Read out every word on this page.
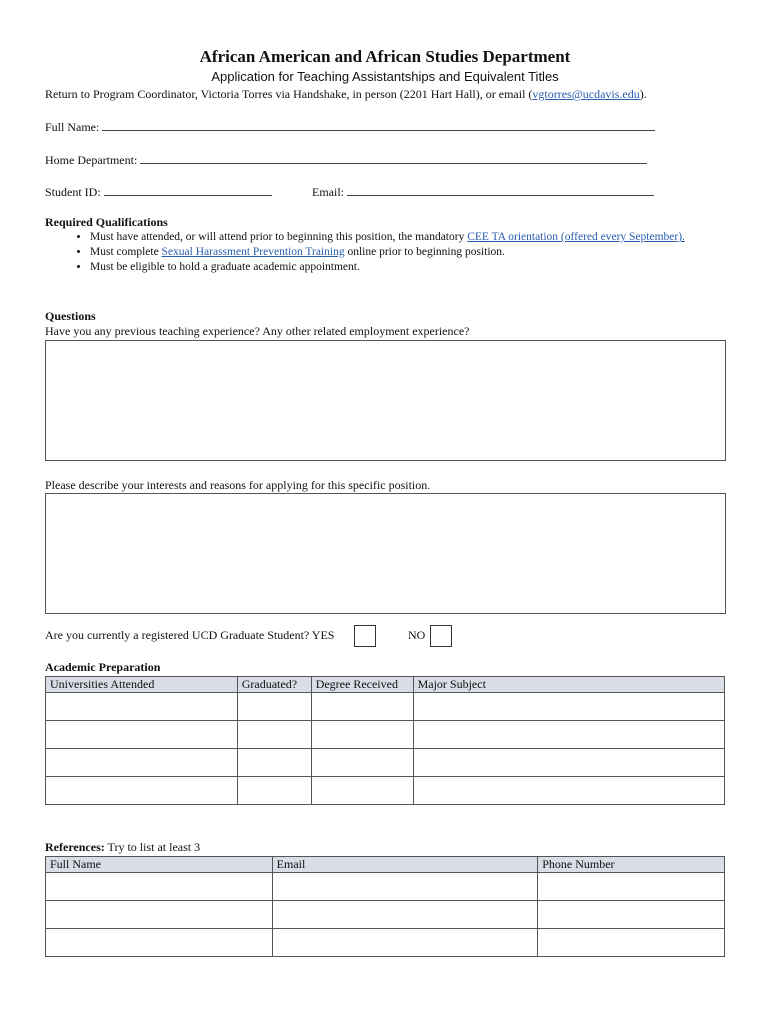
African American and African Studies Department
Application for Teaching Assistantships and Equivalent Titles
Return to Program Coordinator, Victoria Torres via Handshake, in person (2201 Hart Hall), or email (vgtorres@ucdavis.edu).
Full Name:
Home Department:
Student ID:	Email:
Required Qualifications
• Must have attended, or will attend prior to beginning this position, the mandatory CEE TA orientation (offered every September).
• Must complete Sexual Harassment Prevention Training online prior to beginning position.
• Must be eligible to hold a graduate academic appointment.
Questions
Have you any previous teaching experience? Any other related employment experience?
Please describe your interests and reasons for applying for this specific position.
Are you currently a registered UCD Graduate Student? YES	NO
Academic Preparation
Universities Attended	Graduated?	Degree Received	Major Subject

References: Try to list at least 3
Full Name	Email	Phone Number
